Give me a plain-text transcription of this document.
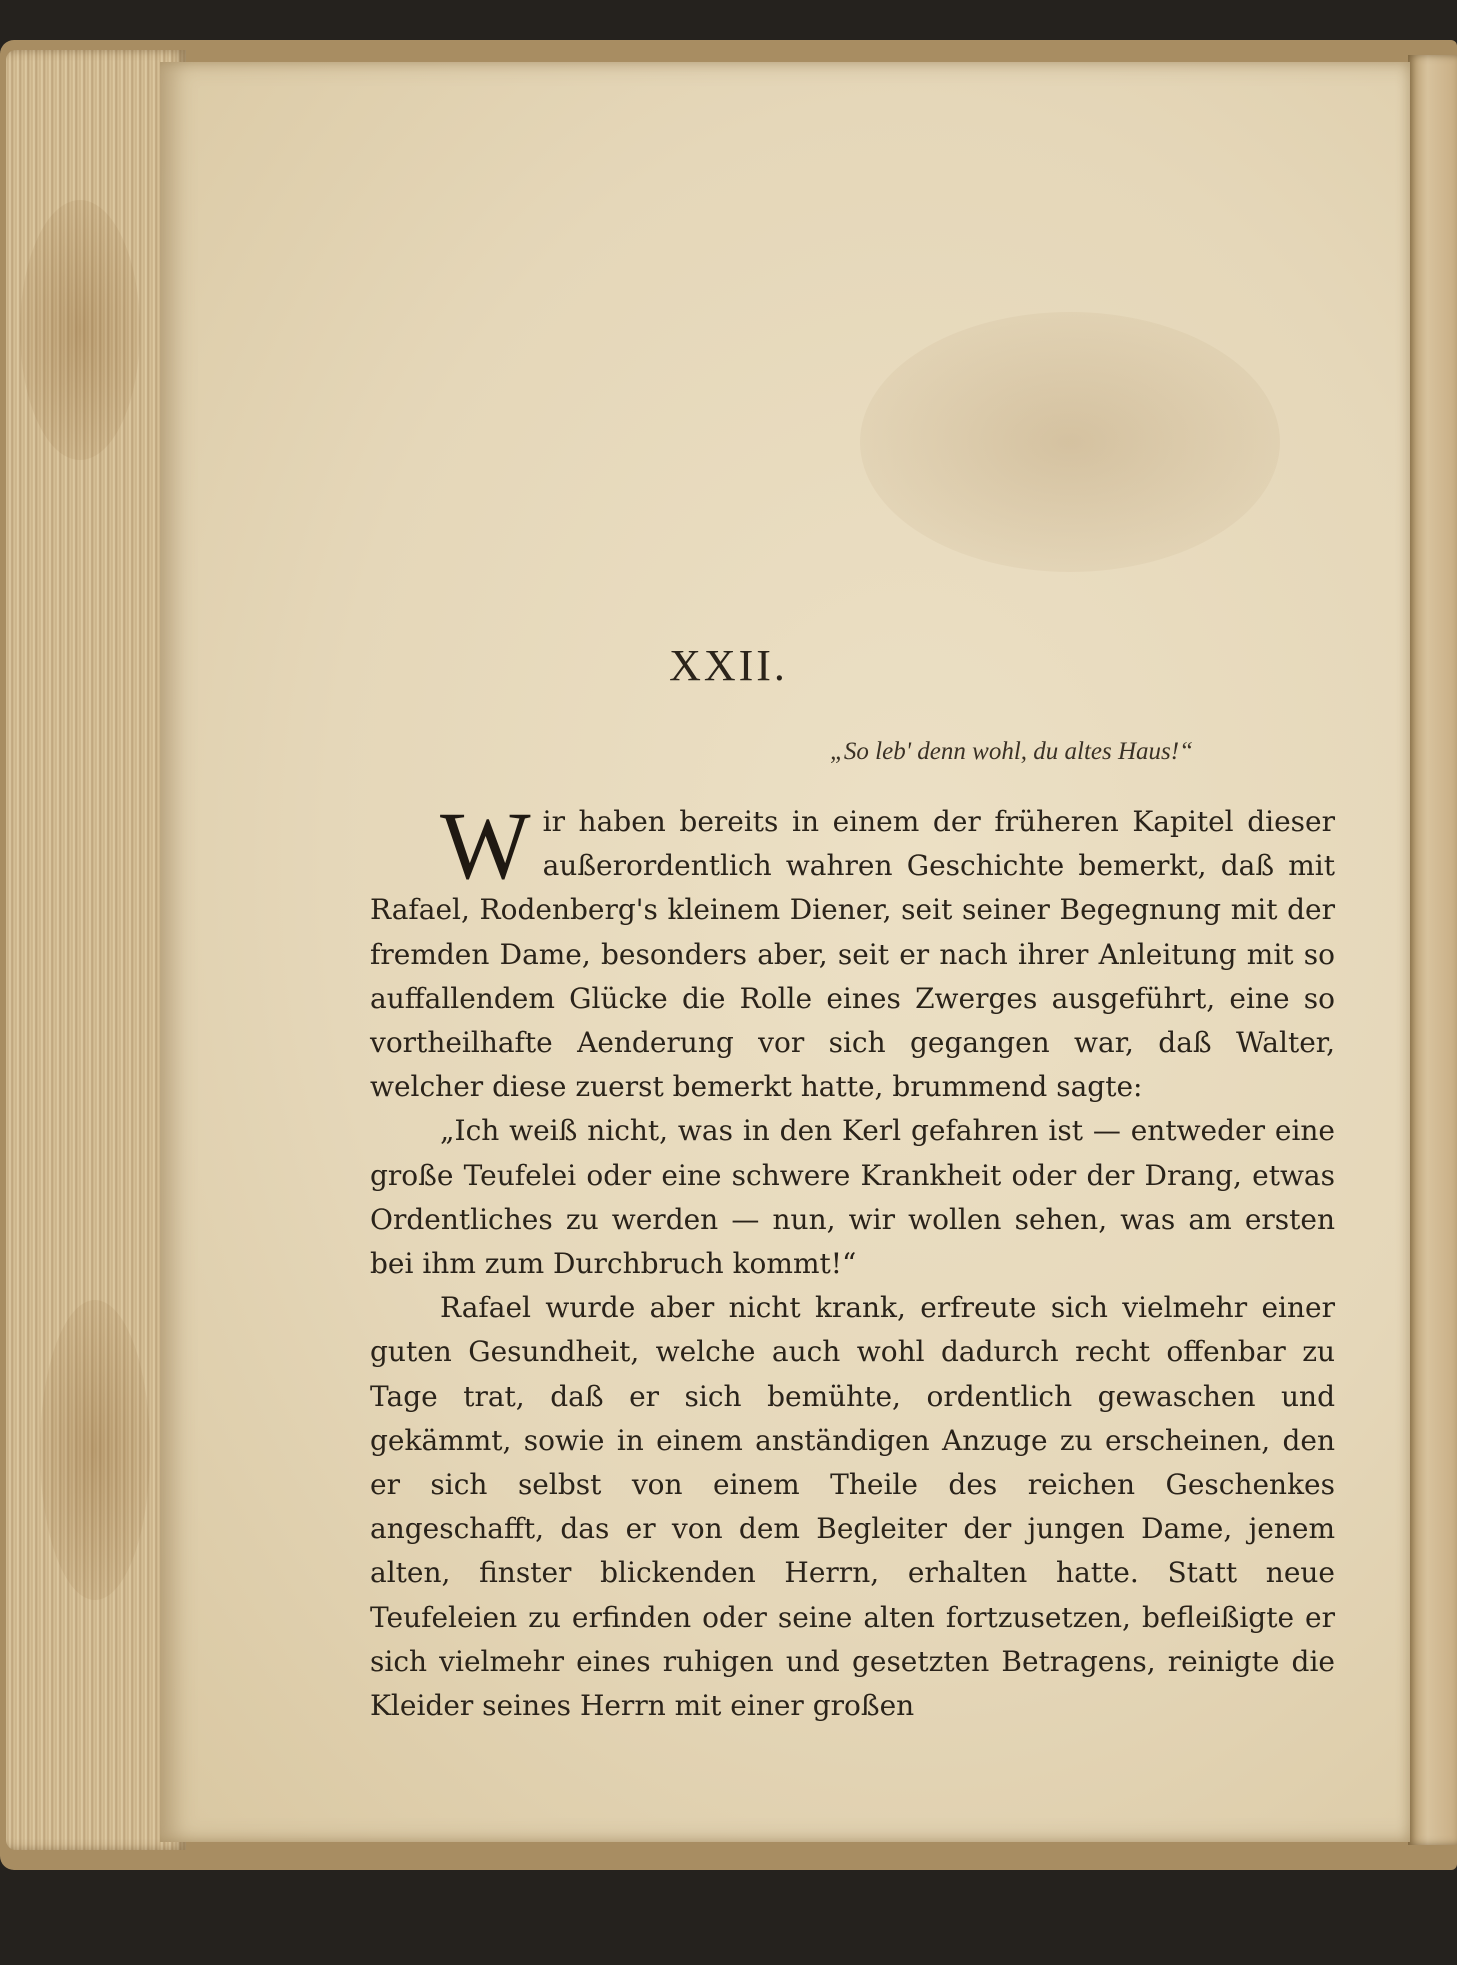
XXII.
„So leb' denn wohl, du altes Haus!“

Wir haben bereits in einem der früheren Kapitel dieser außerordentlich wahren Geschichte bemerkt, daß mit Rafael, Rodenberg's kleinem Diener, seit seiner Begegnung mit der fremden Dame, besonders aber, seit er nach ihrer Anleitung mit so auffallendem Glücke die Rolle eines Zwerges ausgeführt, eine so vortheilhafte Aenderung vor sich gegangen war, daß Walter, welcher diese zuerst bemerkt hatte, brummend sagte:

„Ich weiß nicht, was in den Kerl gefahren ist — entweder eine große Teufelei oder eine schwere Krankheit oder der Drang, etwas Ordentliches zu werden — nun, wir wollen sehen, was am ersten bei ihm zum Durchbruch kommt!“

Rafael wurde aber nicht krank, erfreute sich vielmehr einer guten Gesundheit, welche auch wohl dadurch recht offenbar zu Tage trat, daß er sich bemühte, ordentlich gewaschen und gekämmt, sowie in einem anständigen Anzuge zu erscheinen, den er sich selbst von einem Theile des reichen Geschenkes angeschafft, das er von dem Begleiter der jungen Dame, jenem alten, finster blickenden Herrn, erhalten hatte. Statt neue Teufeleien zu erfinden oder seine alten fortzusetzen, befleißigte er sich vielmehr eines ruhigen und gesetzten Betragens, reinigte die Kleider seines Herrn mit einer großen
